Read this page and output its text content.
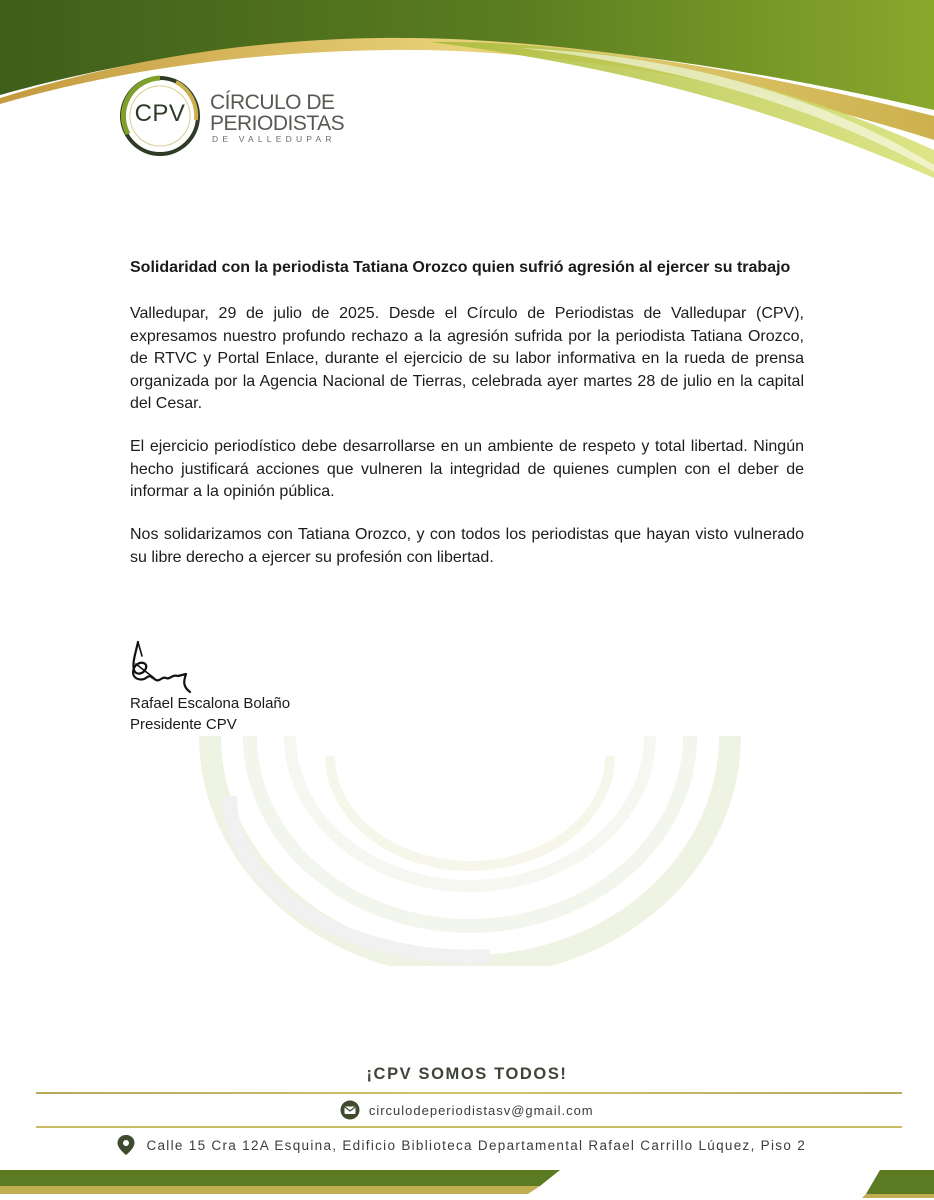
CPV CÍRCULO DE
PERIODISTAS
DE VALLEDUPAR
Solidaridad con la periodista Tatiana Orozco quien sufrió agresión al ejercer su trabajo
Valledupar, 29 de julio de 2025. Desde el Círculo de Periodistas de Valledupar (CPV), expresamos nuestro profundo rechazo a la agresión sufrida por la periodista Tatiana Orozco, de RTVC y Portal Enlace, durante el ejercicio de su labor informativa en la rueda de prensa organizada por la Agencia Nacional de Tierras, celebrada ayer martes 28 de julio en la capital del Cesar.
El ejercicio periodístico debe desarrollarse en un ambiente de respeto y total libertad. Ningún hecho justificará acciones que vulneren la integridad de quienes cumplen con el deber de informar a la opinión pública.
Nos solidarizamos con Tatiana Orozco, y con todos los periodistas que hayan visto vulnerado su libre derecho a ejercer su profesión con libertad.
Rafael Escalona Bolaño
Presidente CPV
¡CPV SOMOS TODOS!
circulodeperiodistasv@gmail.com
Calle 15 Cra 12A Esquina, Edificio Biblioteca Departamental Rafael Carrillo Lúquez, Piso 2
